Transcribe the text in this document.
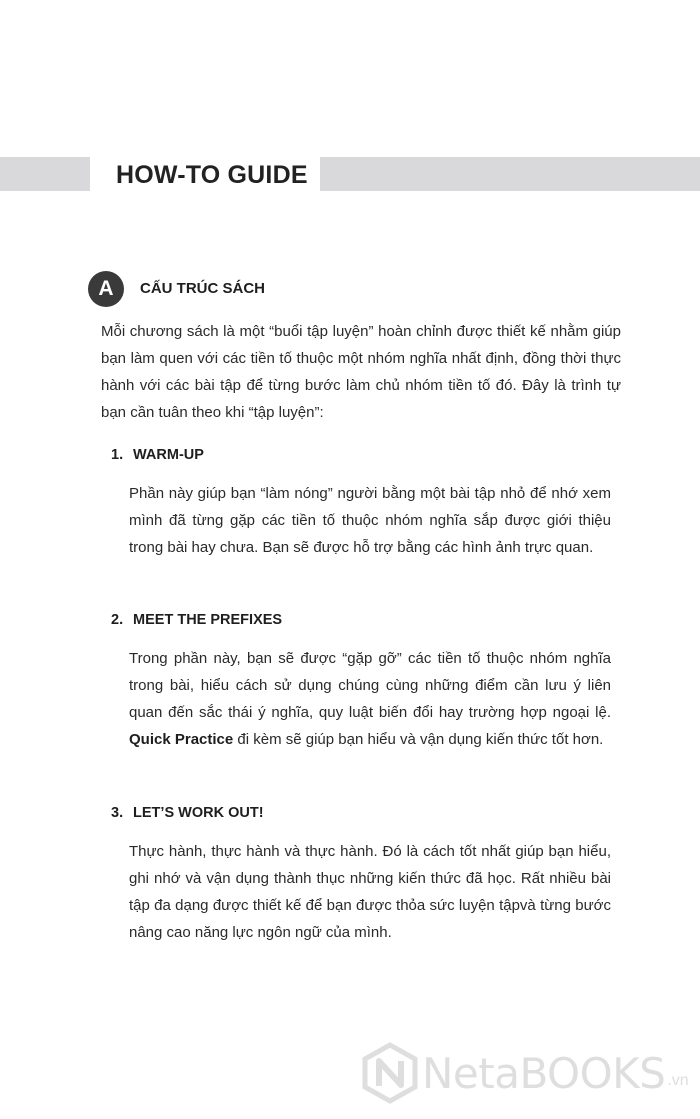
HOW-TO GUIDE
A	CẤU TRÚC SÁCH

Mỗi chương sách là một “buổi tập luyện” hoàn chỉnh được thiết kế nhằm giúp bạn làm quen với các tiền tố thuộc một nhóm nghĩa nhất định, đồng thời thực hành với các bài tập để từng bước làm chủ nhóm tiền tố đó. Đây là trình tự bạn cần tuân theo khi “tập luyện”:

1. WARM-UP

Phần này giúp bạn “làm nóng” người bằng một bài tập nhỏ để nhớ xem mình đã từng gặp các tiền tố thuộc nhóm nghĩa sắp được giới thiệu trong bài hay chưa. Bạn sẽ được hỗ trợ bằng các hình ảnh trực quan.

2. MEET THE PREFIXES

Trong phần này, bạn sẽ được “gặp gỡ” các tiền tố thuộc nhóm nghĩa trong bài, hiểu cách sử dụng chúng cùng những điểm cần lưu ý liên quan đến sắc thái ý nghĩa, quy luật biến đổi hay trường hợp ngoại lệ. Quick Practice đi kèm sẽ giúp bạn hiểu và vận dụng kiến thức tốt hơn.

3. LET’S WORK OUT!

Thực hành, thực hành và thực hành. Đó là cách tốt nhất giúp bạn hiểu, ghi nhớ và vận dụng thành thục những kiến thức đã học. Rất nhiều bài tập đa dạng được thiết kế để bạn được thỏa sức luyện tậpvà từng bước nâng cao năng lực ngôn ngữ của mình.

NetaBOOKS .vn
